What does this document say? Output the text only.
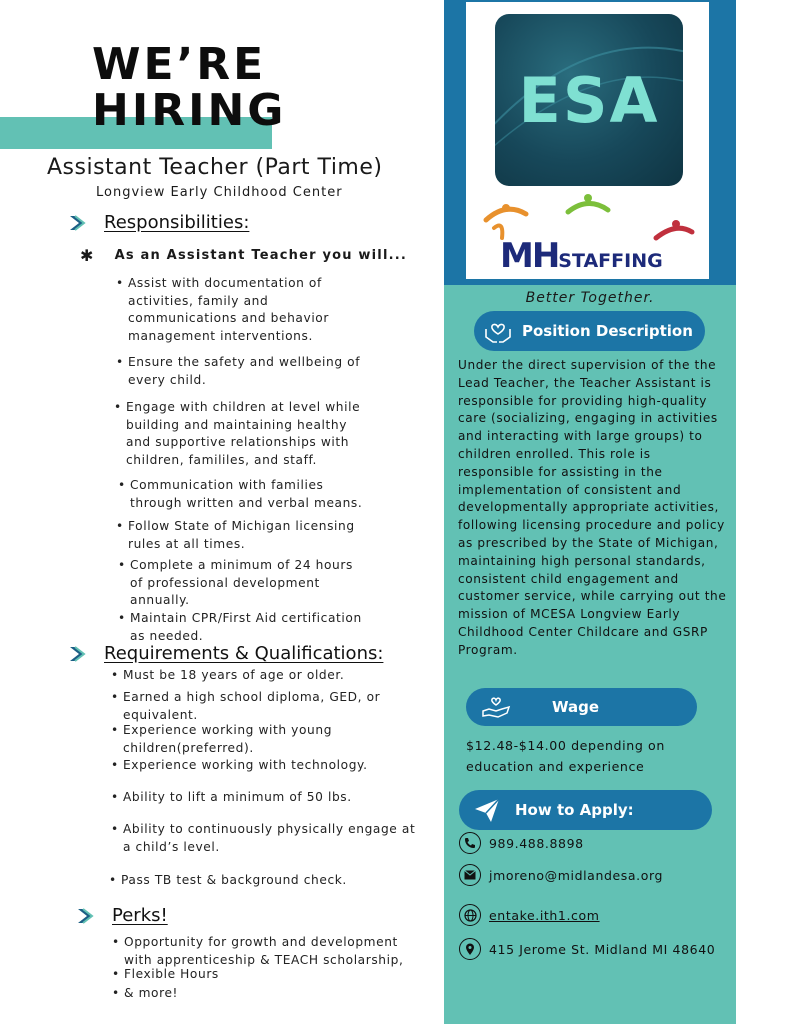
WE’RE
HIRING
Assistant Teacher (Part Time)
Longview Early Childhood Center
Responsibilities:
✱ As an Assistant Teacher you will...
• Assist with documentation of
activities, family and
communications and behavior
management interventions.
• Ensure the safety and wellbeing of
every child.
• Engage with children at level while
building and maintaining healthy
and supportive relationships with
children, famililes, and staff.
• Communication with families
through written and verbal means.
• Follow State of Michigan licensing
rules at all times.
• Complete a minimum of 24 hours
of professional development
annually.
• Maintain CPR/First Aid certification
as needed.
Requirements & Qualifications:
• Must be 18 years of age or older.
• Earned a high school diploma, GED, or
equivalent.
• Experience working with young
children(preferred).
• Experience working with technology.
• Ability to lift a minimum of 50 lbs.
• Ability to continuously physically engage at
a child’s level.
• Pass TB test & background check.
Perks!
• Opportunity for growth and development
with apprenticeship & TEACH scholarship,
• Flexible Hours
• & more!
ESA
MHSTAFFING
Better Together.
Position Description
Under the direct supervision of the the Lead Teacher, the Teacher Assistant is responsible for providing high-quality care (socializing, engaging in activities and interacting with large groups) to children enrolled. This role is responsible for assisting in the implementation of consistent and developmentally appropriate activities, following licensing procedure and policy as prescribed by the State of Michigan, maintaining high personal standards, consistent child engagement and customer service, while carrying out the mission of MCESA Longview Early Childhood Center Childcare and GSRP Program.
Wage
$12.48-$14.00 depending on education and experience
How to Apply:
989.488.8898
jmoreno@midlandesa.org
entake.ith1.com
415 Jerome St. Midland MI 48640
